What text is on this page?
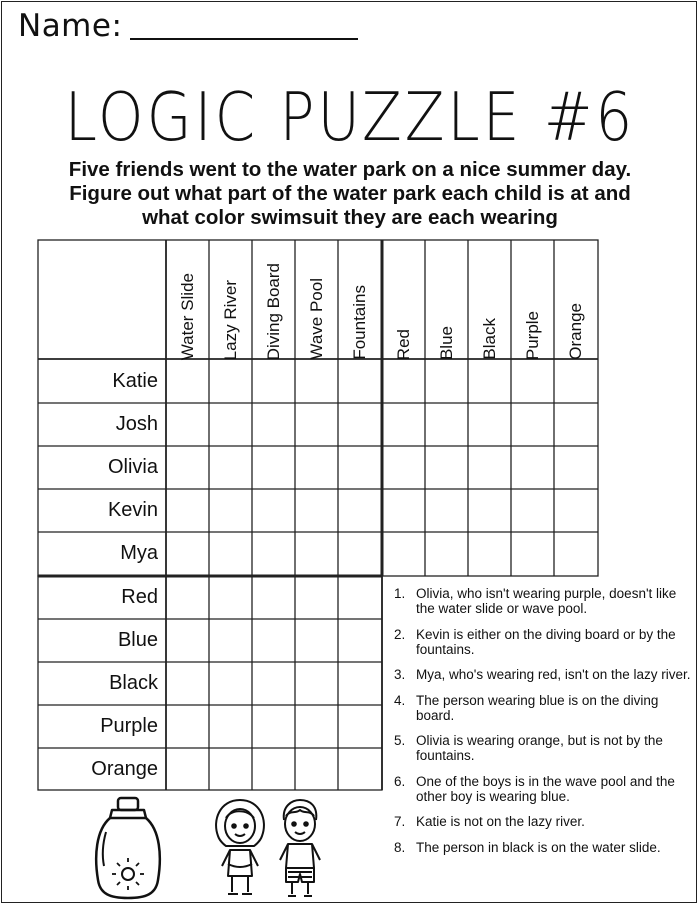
Name:
LOGIC PUZZLE #6
Five friends went to the water park on a nice summer day.
Figure out what part of the water park each child is at and
what color swimsuit they are each wearing
Water Slide Lazy River Diving Board Wave Pool Fountains Red Blue Black Purple Orange
Katie
Josh
Olivia
Kevin
Mya
Red
Blue
Black
Purple
Orange
1. Olivia, who isn't wearing purple, doesn't like the water slide or wave pool.
2. Kevin is either on the diving board or by the fountains.
3. Mya, who's wearing red, isn't on the lazy river.
4. The person wearing blue is on the diving board.
5. Olivia is wearing orange, but is not by the fountains.
6. One of the boys is in the wave pool and the other boy is wearing blue.
7. Katie is not on the lazy river.
8. The person in black is on the water slide.
